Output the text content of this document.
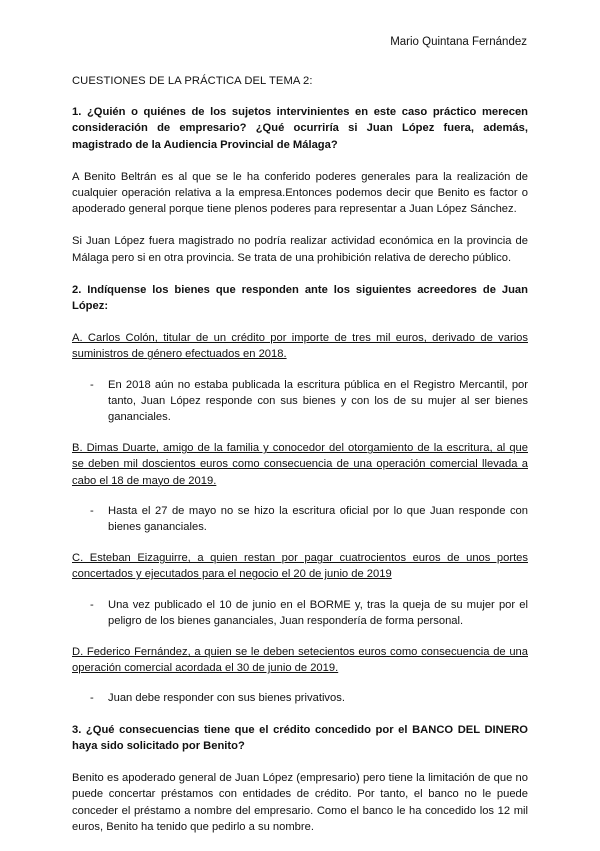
Mario Quintana Fernández
CUESTIONES DE LA PRÁCTICA DEL TEMA 2:
1. ¿Quién o quiénes de los sujetos intervinientes en este caso práctico merecen consideración de empresario? ¿Qué ocurriría si Juan López fuera, además, magistrado de la Audiencia Provincial de Málaga?
A Benito Beltrán es al que se le ha conferido poderes generales para la realización de cualquier operación relativa a la empresa.Entonces podemos decir que Benito es factor o apoderado general porque tiene plenos poderes para representar a Juan López Sánchez.
Si Juan López fuera magistrado no podría realizar actividad económica en la provincia de Málaga pero si en otra provincia. Se trata de una prohibición relativa de derecho público.
2. Indíquense los bienes que responden ante los siguientes acreedores de Juan López:
A. Carlos Colón, titular de un crédito por importe de tres mil euros, derivado de varios suministros de género efectuados en 2018.
- En 2018 aún no estaba publicada la escritura pública en el Registro Mercantil, por tanto, Juan López responde con sus bienes y con los de su mujer al ser bienes gananciales.
B. Dimas Duarte, amigo de la familia y conocedor del otorgamiento de la escritura, al que se deben mil doscientos euros como consecuencia de una operación comercial llevada a cabo el 18 de mayo de 2019.
- Hasta el 27 de mayo no se hizo la escritura oficial por lo que Juan responde con bienes gananciales.
C. Esteban Eizaguirre, a quien restan por pagar cuatrocientos euros de unos portes concertados y ejecutados para el negocio el 20 de junio de 2019
- Una vez publicado el 10 de junio en el BORME y, tras la queja de su mujer por el peligro de los bienes gananciales, Juan respondería de forma personal.
D. Federico Fernández, a quien se le deben setecientos euros como consecuencia de una operación comercial acordada el 30 de junio de 2019.
- Juan debe responder con sus bienes privativos.
3. ¿Qué consecuencias tiene que el crédito concedido por el BANCO DEL DINERO haya sido solicitado por Benito?
Benito es apoderado general de Juan López (empresario) pero tiene la limitación de que no puede concertar préstamos con entidades de crédito. Por tanto, el banco no le puede conceder el préstamo a nombre del empresario. Como el banco le ha concedido los 12 mil euros, Benito ha tenido que pedirlo a su nombre.
